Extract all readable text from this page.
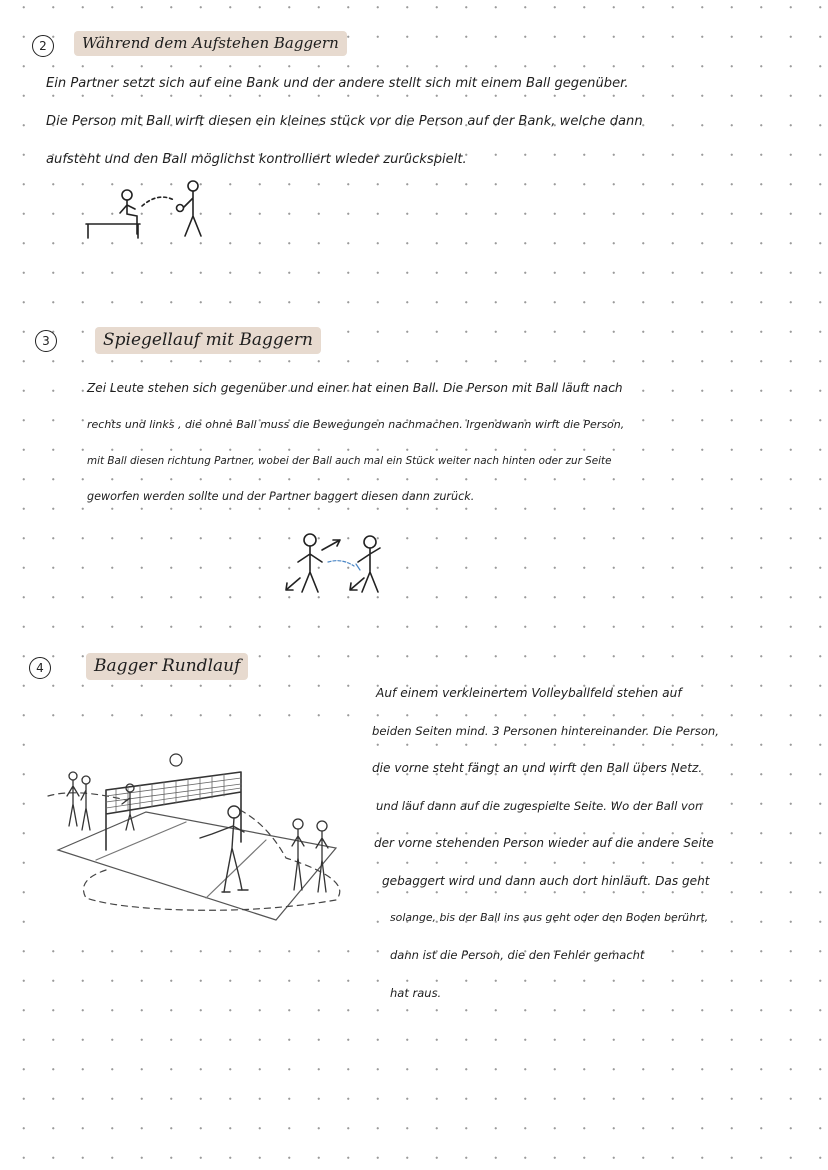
2	Während dem Aufstehen Baggern
Ein Partner setzt sich auf eine Bank und der andere stellt sich mit einem Ball gegenüber.
Die Person mit Ball wirft diesen ein kleines stück vor die Person auf der Bank, welche dann
aufsteht und den Ball möglichst kontrolliert wieder zurückspielt.
3	Spiegellauf mit Baggern
Zei Leute stehen sich gegenüber und einer hat einen Ball. Die Person mit Ball läuft nach
rechts und links , die ohne Ball muss die Bewegungen nachmachen. Irgendwann wirft die Person,
mit Ball diesen richtung Partner, wobei der Ball auch mal ein Stück weiter nach hinten oder zur Seite
geworfen werden sollte und der Partner baggert diesen dann zurück.
4	Bagger Rundlauf
Auf einem verkleinertem Volleyballfeld stehen auf
beiden Seiten mind. 3 Personen hintereinander. Die Person,
die vorne steht fängt an und wirft den Ball übers Netz.
und läuf dann auf die zugespielte Seite. Wo der Ball von
der vorne stehenden Person wieder auf die andere Seite
gebaggert wird und dann auch dort hinläuft. Das geht
solange, bis der Ball ins aus geht oder den Boden berührt,
dann ist die Person, die den Fehler gemacht
hat raus.
